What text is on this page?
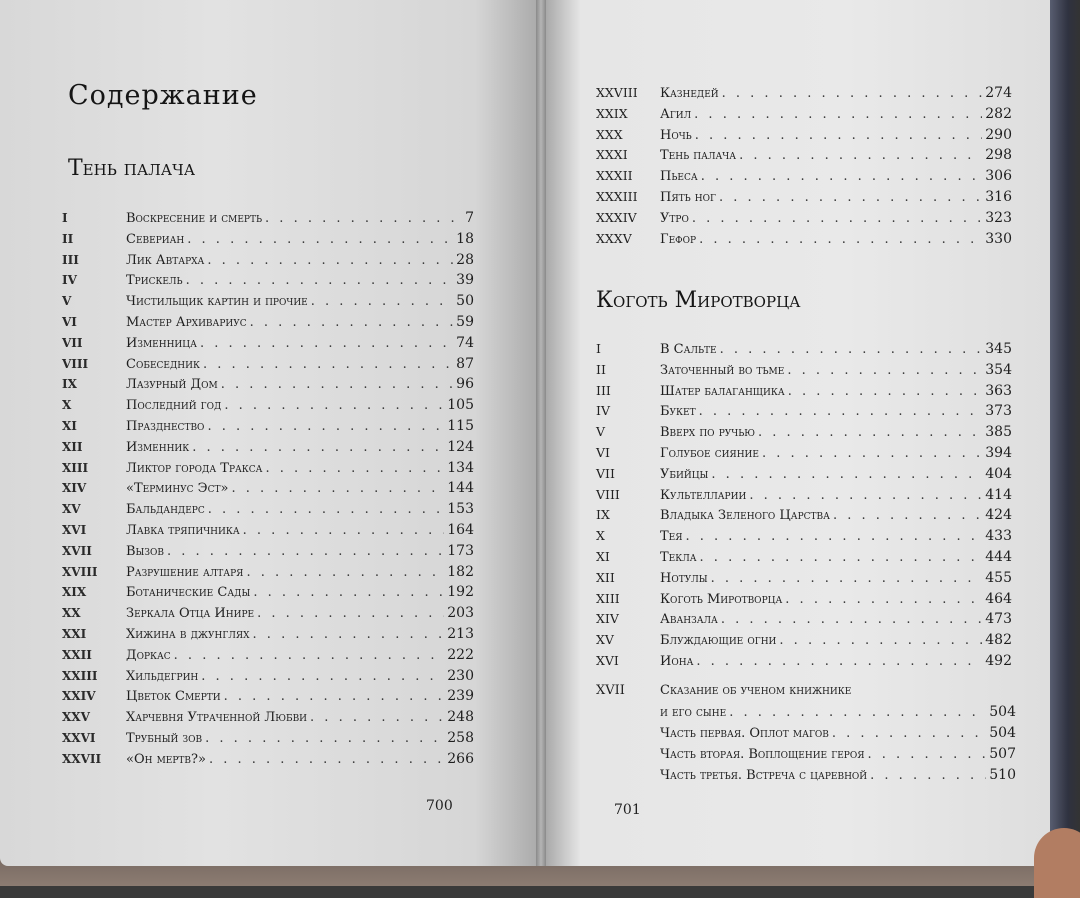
Содержание
Тень палача
I	Воскресение и смерть . . .	7
II	Севериан . . .	18
III	Лик Автарха . . .	28
IV	Трискель . . .	39
V	Чистильщик картин и прочие . . .	50
VI	Мастер Архивариус . . .	59
VII	Изменница . . .	74
VIII	Собеседник . . .	87
IX	Лазурный Дом . . .	96
X	Последний год . . .	105
XI	Празднество . . .	115
XII	Изменник . . .	124
XIII	Ликтор города Тракса . . .	134
XIV	«Терминус Эст» . . .	144
XV	Бальдандерс . . .	153
XVI	Лавка тряпичника . . .	164
XVII	Вызов . . .	173
XVIII	Разрушение алтаря . . .	182
XIX	Ботанические Сады . . .	192
XX	Зеркала Отца Инире . . .	203
XXI	Хижина в джунглях . . .	213
XXII	Доркас . . .	222
XXIII	Хильдегрин . . .	230
XXIV	Цветок Смерти . . .	239
XXV	Харчевня Утраченной Любви . . .	248
XXVI	Трубный зов . . .	258
XXVII	«Он мертв?» . . .	266
700
XXVIII	Казнедей . . .	274
XXIX	Агил . . .	282
XXX	Ночь . . .	290
XXXI	Тень палача . . .	298
XXXII	Пьеса . . .	306
XXXIII	Пять ног . . .	316
XXXIV	Утро . . .	323
XXXV	Гефор . . .	330
Коготь Миротворца
I	В Сальте . . .	345
II	Заточенный во тьме . . .	354
III	Шатер балаганщика . . .	363
IV	Букет . . .	373
V	Вверх по ручью . . .	385
VI	Голубое сияние . . .	394
VII	Убийцы . . .	404
VIII	Культелларии . . .	414
IX	Владыка Зеленого Царства . . .	424
X	Тея . . .	433
XI	Текла . . .	444
XII	Нотулы . . .	455
XIII	Коготь Миротворца . . .	464
XIV	Аванзала . . .	473
XV	Блуждающие огни . . .	482
XVI	Иона . . .	492
XVII	Сказание об ученом книжнике
и его сыне . . .	504
Часть первая. Оплот магов . . .	504
Часть вторая. Воплощение героя . . .	507
Часть третья. Встреча с царевной . . .	510
701
